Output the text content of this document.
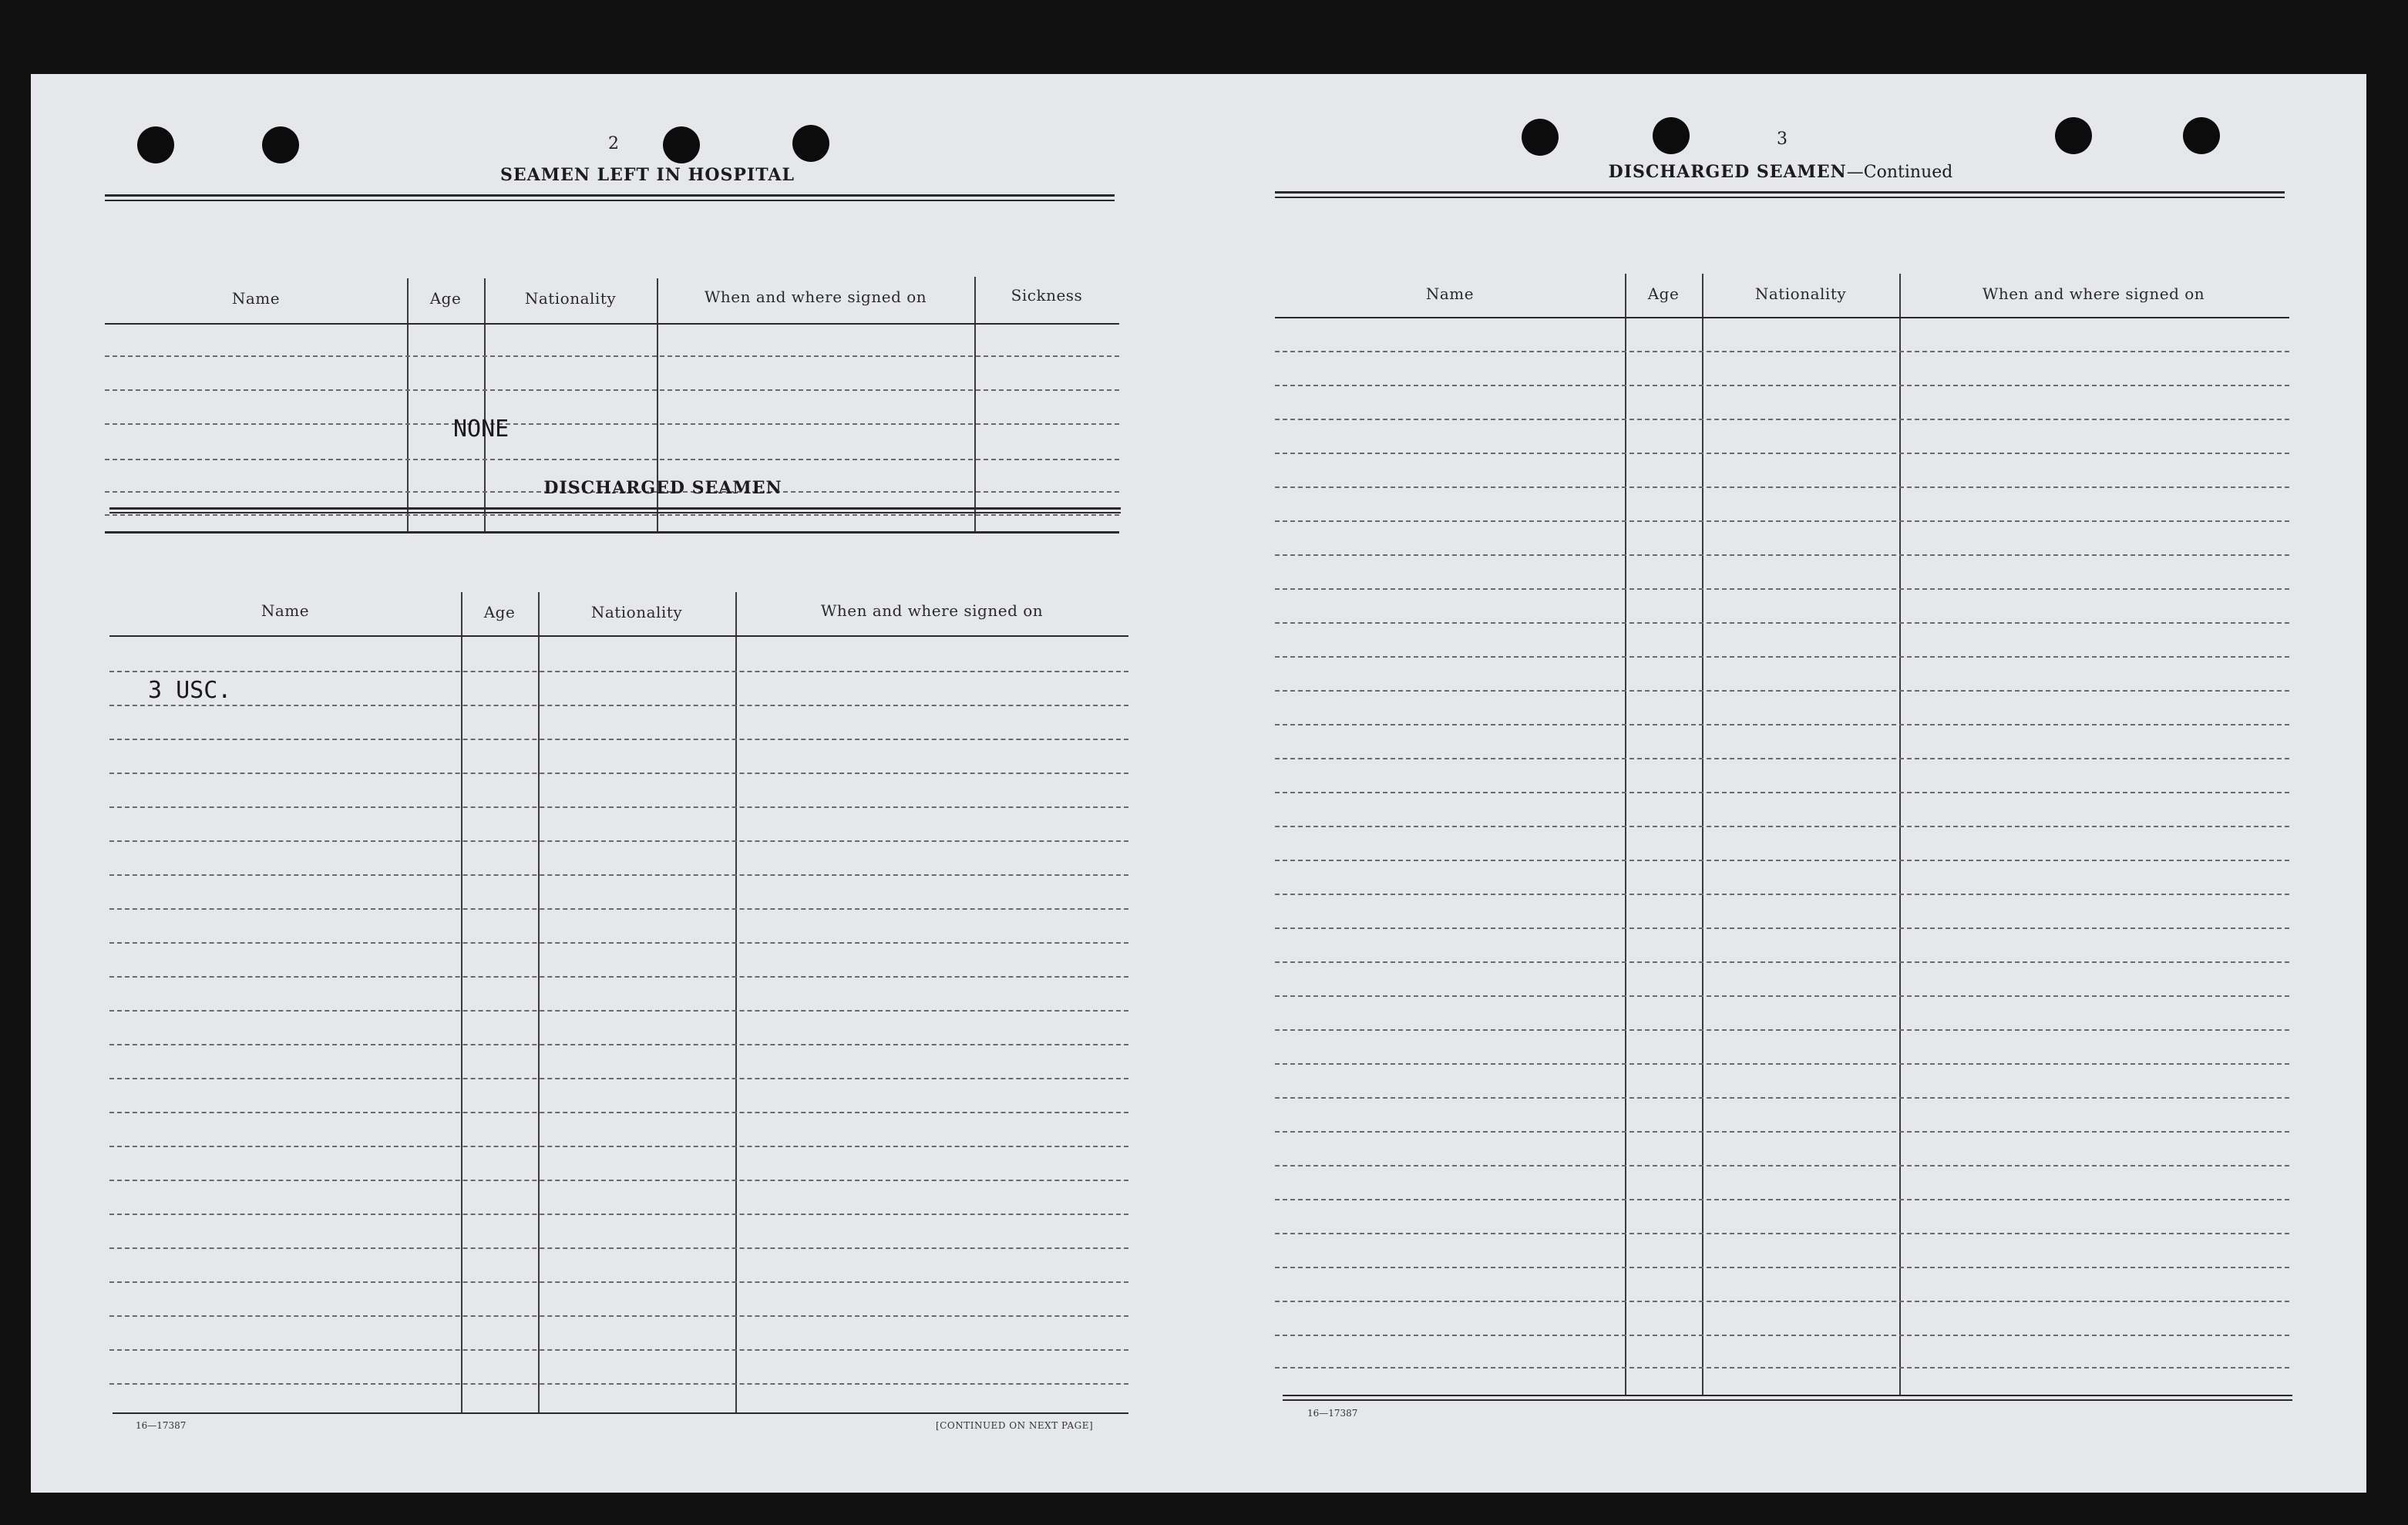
2
SEAMEN LEFT IN HOSPITAL
Name	Age	Nationality	When and where signed on	Sickness
NONE
DISCHARGED SEAMEN
Name	Age	Nationality	When and where signed on
3 USC.
16—17387	[CONTINUED ON NEXT PAGE]
3
DISCHARGED SEAMEN—Continued
Name	Age	Nationality	When and where signed on
16—17387
